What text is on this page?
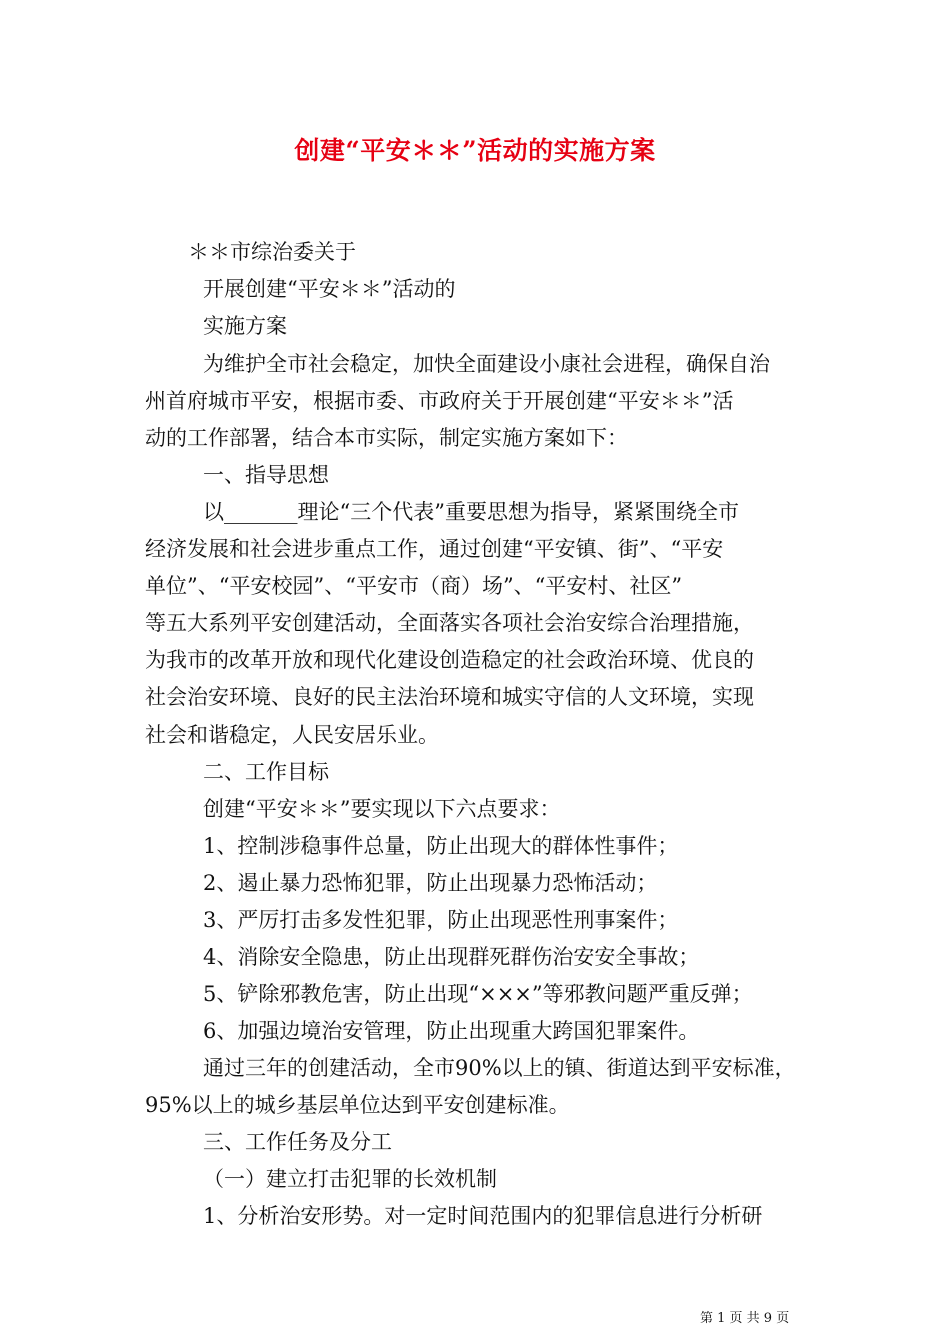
创建“平安＊＊”活动的实施方案
＊＊市综治委关于
开展创建“平安＊＊”活动的
实施方案
为维护全市社会稳定，加快全面建设小康社会进程，确保自治
州首府城市平安，根据市委、市政府关于开展创建“平安＊＊”活
动的工作部署，结合本市实际，制定实施方案如下：
一、指导思想
以_______理论“三个代表”重要思想为指导，紧紧围绕全市
经济发展和社会进步重点工作，通过创建“平安镇、街”、“平安
单位”、“平安校园”、“平安市（商）场”、“平安村、社区”
等五大系列平安创建活动，全面落实各项社会治安综合治理措施，
为我市的改革开放和现代化建设创造稳定的社会政治环境、优良的
社会治安环境、良好的民主法治环境和城实守信的人文环境，实现
社会和谐稳定，人民安居乐业。
二、工作目标
创建“平安＊＊”要实现以下六点要求：
1、控制涉稳事件总量，防止出现大的群体性事件；
2、遏止暴力恐怖犯罪，防止出现暴力恐怖活动；
3、严厉打击多发性犯罪，防止出现恶性刑事案件；
4、消除安全隐患，防止出现群死群伤治安安全事故；
5、铲除邪教危害，防止出现“×××”等邪教问题严重反弹；
6、加强边境治安管理，防止出现重大跨国犯罪案件。
通过三年的创建活动，全市90%以上的镇、街道达到平安标准，
95%以上的城乡基层单位达到平安创建标准。
三、工作任务及分工
（一）建立打击犯罪的长效机制
1、分析治安形势。对一定时间范围内的犯罪信息进行分析研
第 1 页 共 9 页
